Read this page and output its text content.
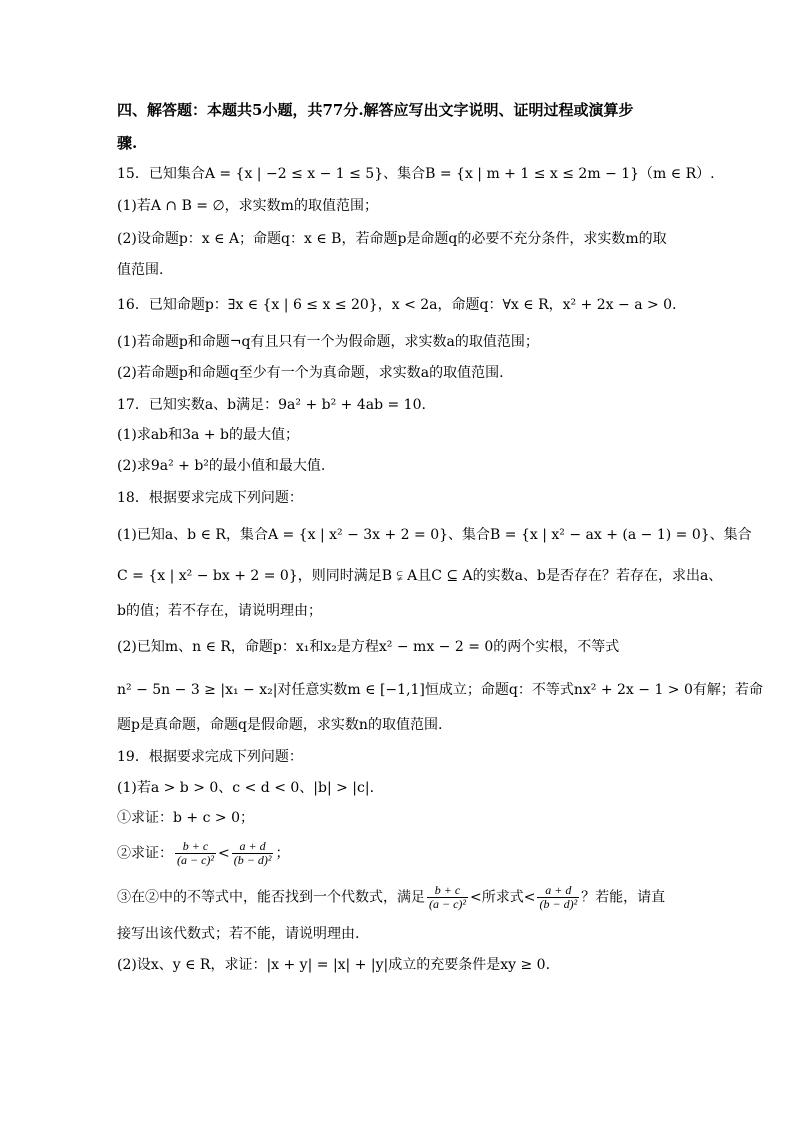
四、解答题：本题共5小题，共77分.解答应写出文字说明、证明过程或演算步
骤.
15．已知集合A = {x | −2 ≤ x − 1 ≤ 5}、集合B = {x | m + 1 ≤ x ≤ 2m − 1}（m ∈ R）.
(1)若A ∩ B = ∅，求实数m的取值范围；
(2)设命题p：x ∈ A；命题q：x ∈ B，若命题p是命题q的必要不充分条件，求实数m的取
值范围.
16．已知命题p：∃x ∈ {x | 6 ≤ x ≤ 20}，x < 2a，命题q：∀x ∈ R，x² + 2x − a > 0．
(1)若命题p和命题¬q有且只有一个为假命题，求实数a的取值范围；
(2)若命题p和命题q至少有一个为真命题，求实数a的取值范围.
17．已知实数a、b满足：9a² + b² + 4ab = 10.
(1)求ab和3a + b的最大值；
(2)求9a² + b²的最小值和最大值.
18．根据要求完成下列问题：
(1)已知a、b ∈ R，集合A = {x | x² − 3x + 2 = 0}、集合B = {x | x² − ax + (a − 1) = 0}、集合
C = {x | x² − bx + 2 = 0}，则同时满足B ⫋ A且C ⊆ A的实数a、b是否存在？若存在，求出a、
b的值；若不存在，请说明理由；
(2)已知m、n ∈ R，命题p：x₁和x₂是方程x² − mx − 2 = 0的两个实根，不等式
n² − 5n − 3 ≥ |x₁ − x₂|对任意实数m ∈ [−1,1]恒成立；命题q：不等式nx² + 2x − 1 > 0有解；若命
题p是真命题，命题q是假命题，求实数n的取值范围.
19．根据要求完成下列问题：
(1)若a > b > 0、c < d < 0、|b| > |c|.
①求证：b + c > 0；
②求证： $\frac{b + c}{\text{(a − c)²}} < \frac{a + d}{\text{(b − d)²}}$ ；
③在②中的不等式中，能否找到一个代数式，满足 $\frac{b + c}{\text{(a − c)²}}$ <所求式< $\frac{a + d}{\text{(b − d)²}}$ ？若能，请直
接写出该代数式；若不能，请说明理由.
(2)设x、y ∈ R，求证：|x + y| = |x| + |y|成立的充要条件是xy ≥ 0.
